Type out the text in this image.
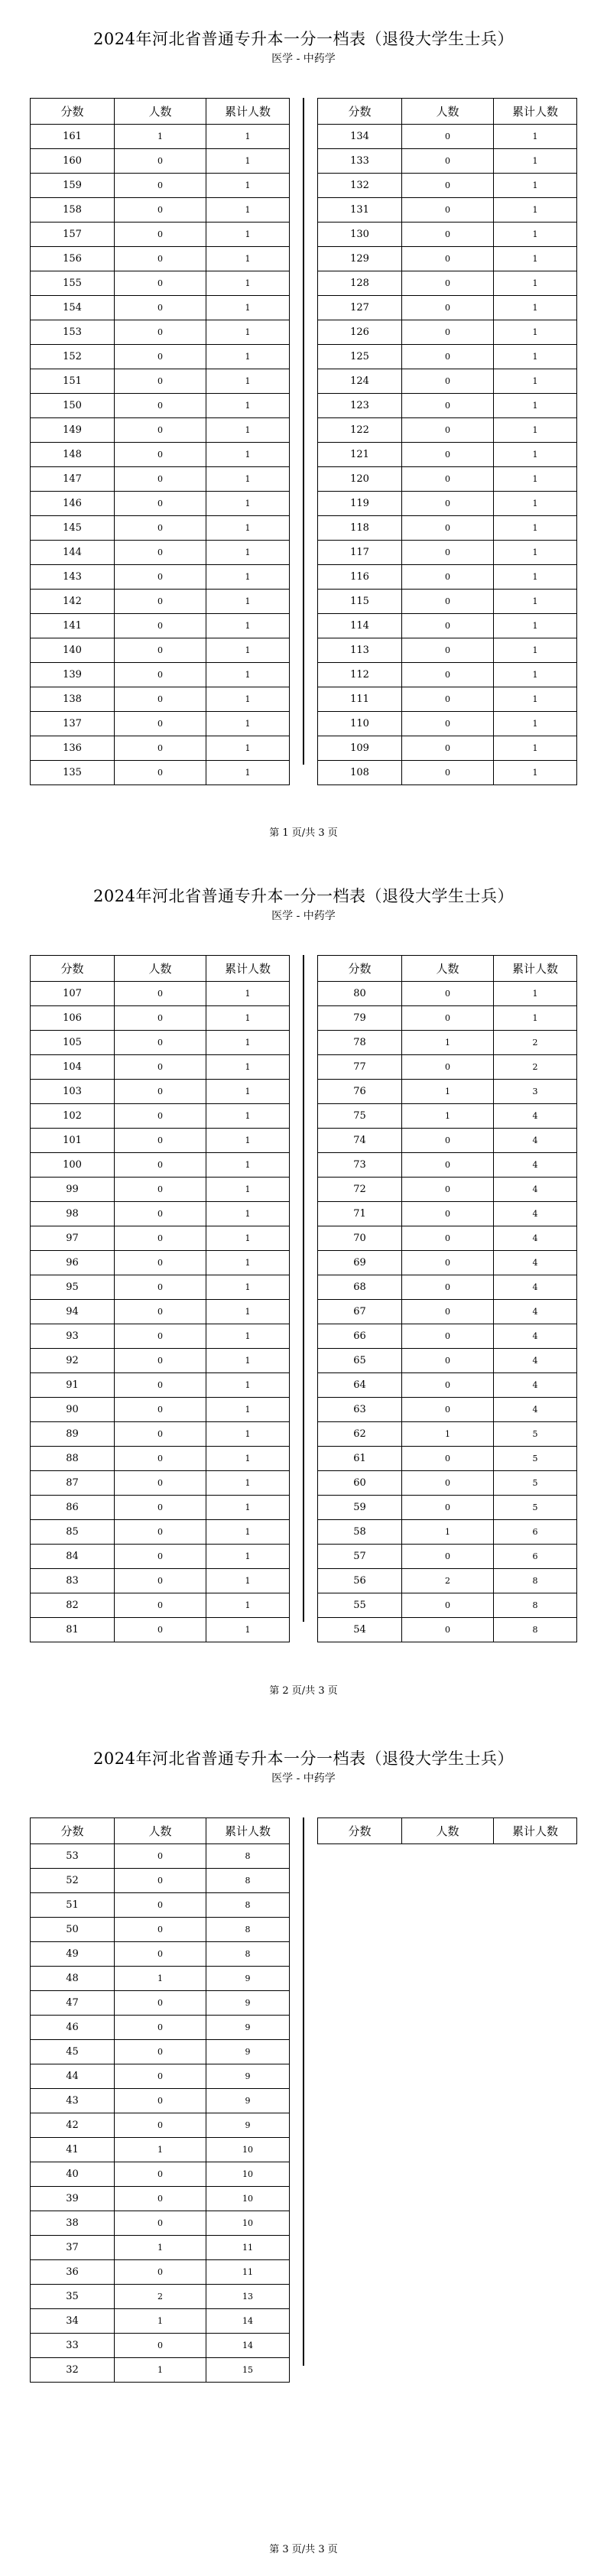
2024年河北省普通专升本一分一档表（退役大学生士兵）
医学 - 中药学
分数	人数	累计人数
161	1	1
160	0	1
159	0	1
158	0	1
157	0	1
156	0	1
155	0	1
154	0	1
153	0	1
152	0	1
151	0	1
150	0	1
149	0	1
148	0	1
147	0	1
146	0	1
145	0	1
144	0	1
143	0	1
142	0	1
141	0	1
140	0	1
139	0	1
138	0	1
137	0	1
136	0	1
135	0	1
分数	人数	累计人数
134	0	1
133	0	1
132	0	1
131	0	1
130	0	1
129	0	1
128	0	1
127	0	1
126	0	1
125	0	1
124	0	1
123	0	1
122	0	1
121	0	1
120	0	1
119	0	1
118	0	1
117	0	1
116	0	1
115	0	1
114	0	1
113	0	1
112	0	1
111	0	1
110	0	1
109	0	1
108	0	1
第 1 页/共 3 页
2024年河北省普通专升本一分一档表（退役大学生士兵）
医学 - 中药学
分数	人数	累计人数
107	0	1
106	0	1
105	0	1
104	0	1
103	0	1
102	0	1
101	0	1
100	0	1
99	0	1
98	0	1
97	0	1
96	0	1
95	0	1
94	0	1
93	0	1
92	0	1
91	0	1
90	0	1
89	0	1
88	0	1
87	0	1
86	0	1
85	0	1
84	0	1
83	0	1
82	0	1
81	0	1
分数	人数	累计人数
80	0	1
79	0	1
78	1	2
77	0	2
76	1	3
75	1	4
74	0	4
73	0	4
72	0	4
71	0	4
70	0	4
69	0	4
68	0	4
67	0	4
66	0	4
65	0	4
64	0	4
63	0	4
62	1	5
61	0	5
60	0	5
59	0	5
58	1	6
57	0	6
56	2	8
55	0	8
54	0	8
第 2 页/共 3 页
2024年河北省普通专升本一分一档表（退役大学生士兵）
医学 - 中药学
分数	人数	累计人数
53	0	8
52	0	8
51	0	8
50	0	8
49	0	8
48	1	9
47	0	9
46	0	9
45	0	9
44	0	9
43	0	9
42	0	9
41	1	10
40	0	10
39	0	10
38	0	10
37	1	11
36	0	11
35	2	13
34	1	14
33	0	14
32	1	15
分数	人数	累计人数
第 3 页/共 3 页
